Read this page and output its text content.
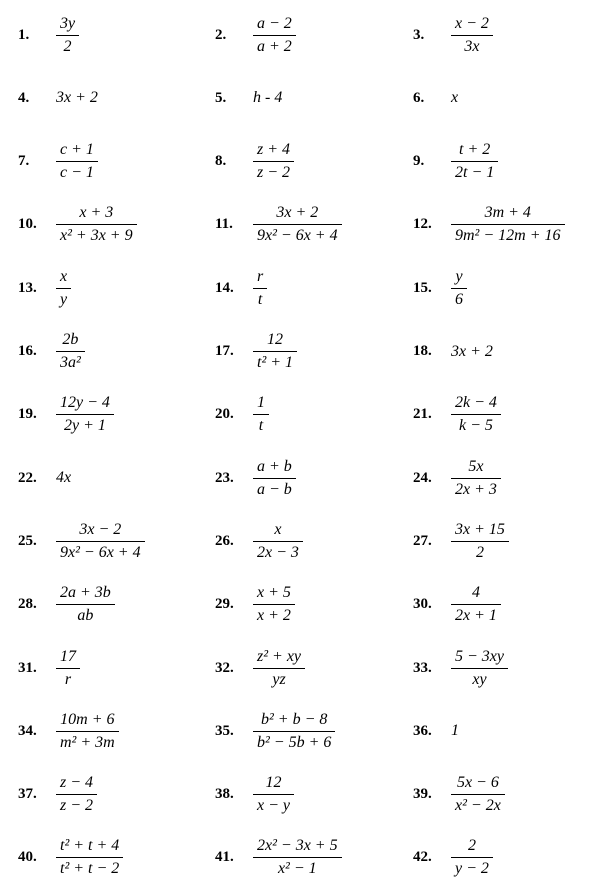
1.	$\frac{3y}{2}$	2.	$\frac{a - 2}{a + 2}$	3.	$\frac{x - 2}{3x}$
4.	3x + 2	5.	h - 4	6.	x
7.	$\frac{c + 1}{c - 1}$	8.	$\frac{z + 4}{z - 2}$	9.	$\frac{t + 2}{2t - 1}$
10.	$\frac{x + 3}{\text{x² + 3x + 9}}$	11.	$\frac{3x + 2}{\text{9x² − 6x + 4}}$	12.	$\frac{3m + 4}{\text{9m² − 12m + 16}}$
13.	$\frac{x}{y}$	14.	$\frac{r}{t}$	15.	$\frac{y}{6}$
16.	$\frac{2b}{\text{3a²}}$	17.	$\frac{12}{\text{t² + 1}}$	18.	3x + 2
19.	$\frac{12y - 4}{2y + 1}$	20.	$\frac{1}{t}$	21.	$\frac{2k - 4}{k - 5}$
22.	4x	23.	$\frac{a + b}{a - b}$	24.	$\frac{5x}{2x + 3}$
25.	$\frac{3x - 2}{\text{9x² − 6x + 4}}$	26.	$\frac{x}{2x - 3}$	27.	$\frac{3x + 15}{2}$
28.	$\frac{2a + 3b}{ab}$	29.	$\frac{x + 5}{x + 2}$	30.	$\frac{4}{2x + 1}$
31.	$\frac{17}{r}$	32.	$\frac{\text{z² + xy}}{yz}$	33.	$\frac{5 - 3xy}{xy}$
34.	$\frac{10m + 6}{\text{m² + 3m}}$	35.	$\frac{\text{b² + b − 8}}{\text{b² − 5b + 6}}$	36.	1
37.	$\frac{z - 4}{z - 2}$	38.	$\frac{12}{x - y}$	39.	$\frac{5x - 6}{\text{x² − 2x}}$
40.	$\frac{\text{t² + t + 4}}{\text{t² + t − 2}}$	41.	$\frac{\text{2x² − 3x + 5}}{\text{x² − 1}}$	42.	$\frac{2}{y - 2}$
